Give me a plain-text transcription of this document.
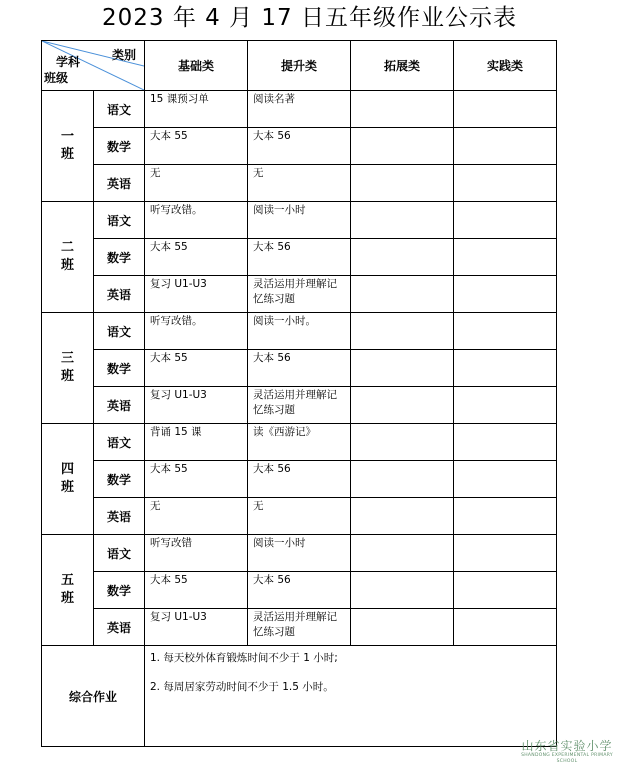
2023 年 4 月 17 日五年级作业公示表
类别
学科
班级		基础类	提升类	拓展类	实践类

一
班	语文	15 课预习单	阅读名著		
	数学	大本 55	大本 56		
	英语	无	无		

二
班	语文	听写改错。	阅读一小时		
	数学	大本 55	大本 56		
	英语	复习 U1-U3	灵活运用并理解记忆练习题		

三
班	语文	听写改错。	阅读一小时。		
	数学	大本 55	大本 56		
	英语	复习 U1-U3	灵活运用并理解记忆练习题		

四
班	语文	背诵 15 课	读《西游记》		
	数学	大本 55	大本 56		
	英语	无	无		

五
班	语文	听写改错	阅读一小时		
	数学	大本 55	大本 56		
	英语	复习 U1-U3	灵活运用并理解记忆练习题		
综合作业		1. 每天校外体育锻炼时间不少于 1 小时;

2. 每周居家劳动时间不少于 1.5 小时。			

山东省实验小学
SHANDONG EXPERIMENTAL PRIMARY SCHOOL
